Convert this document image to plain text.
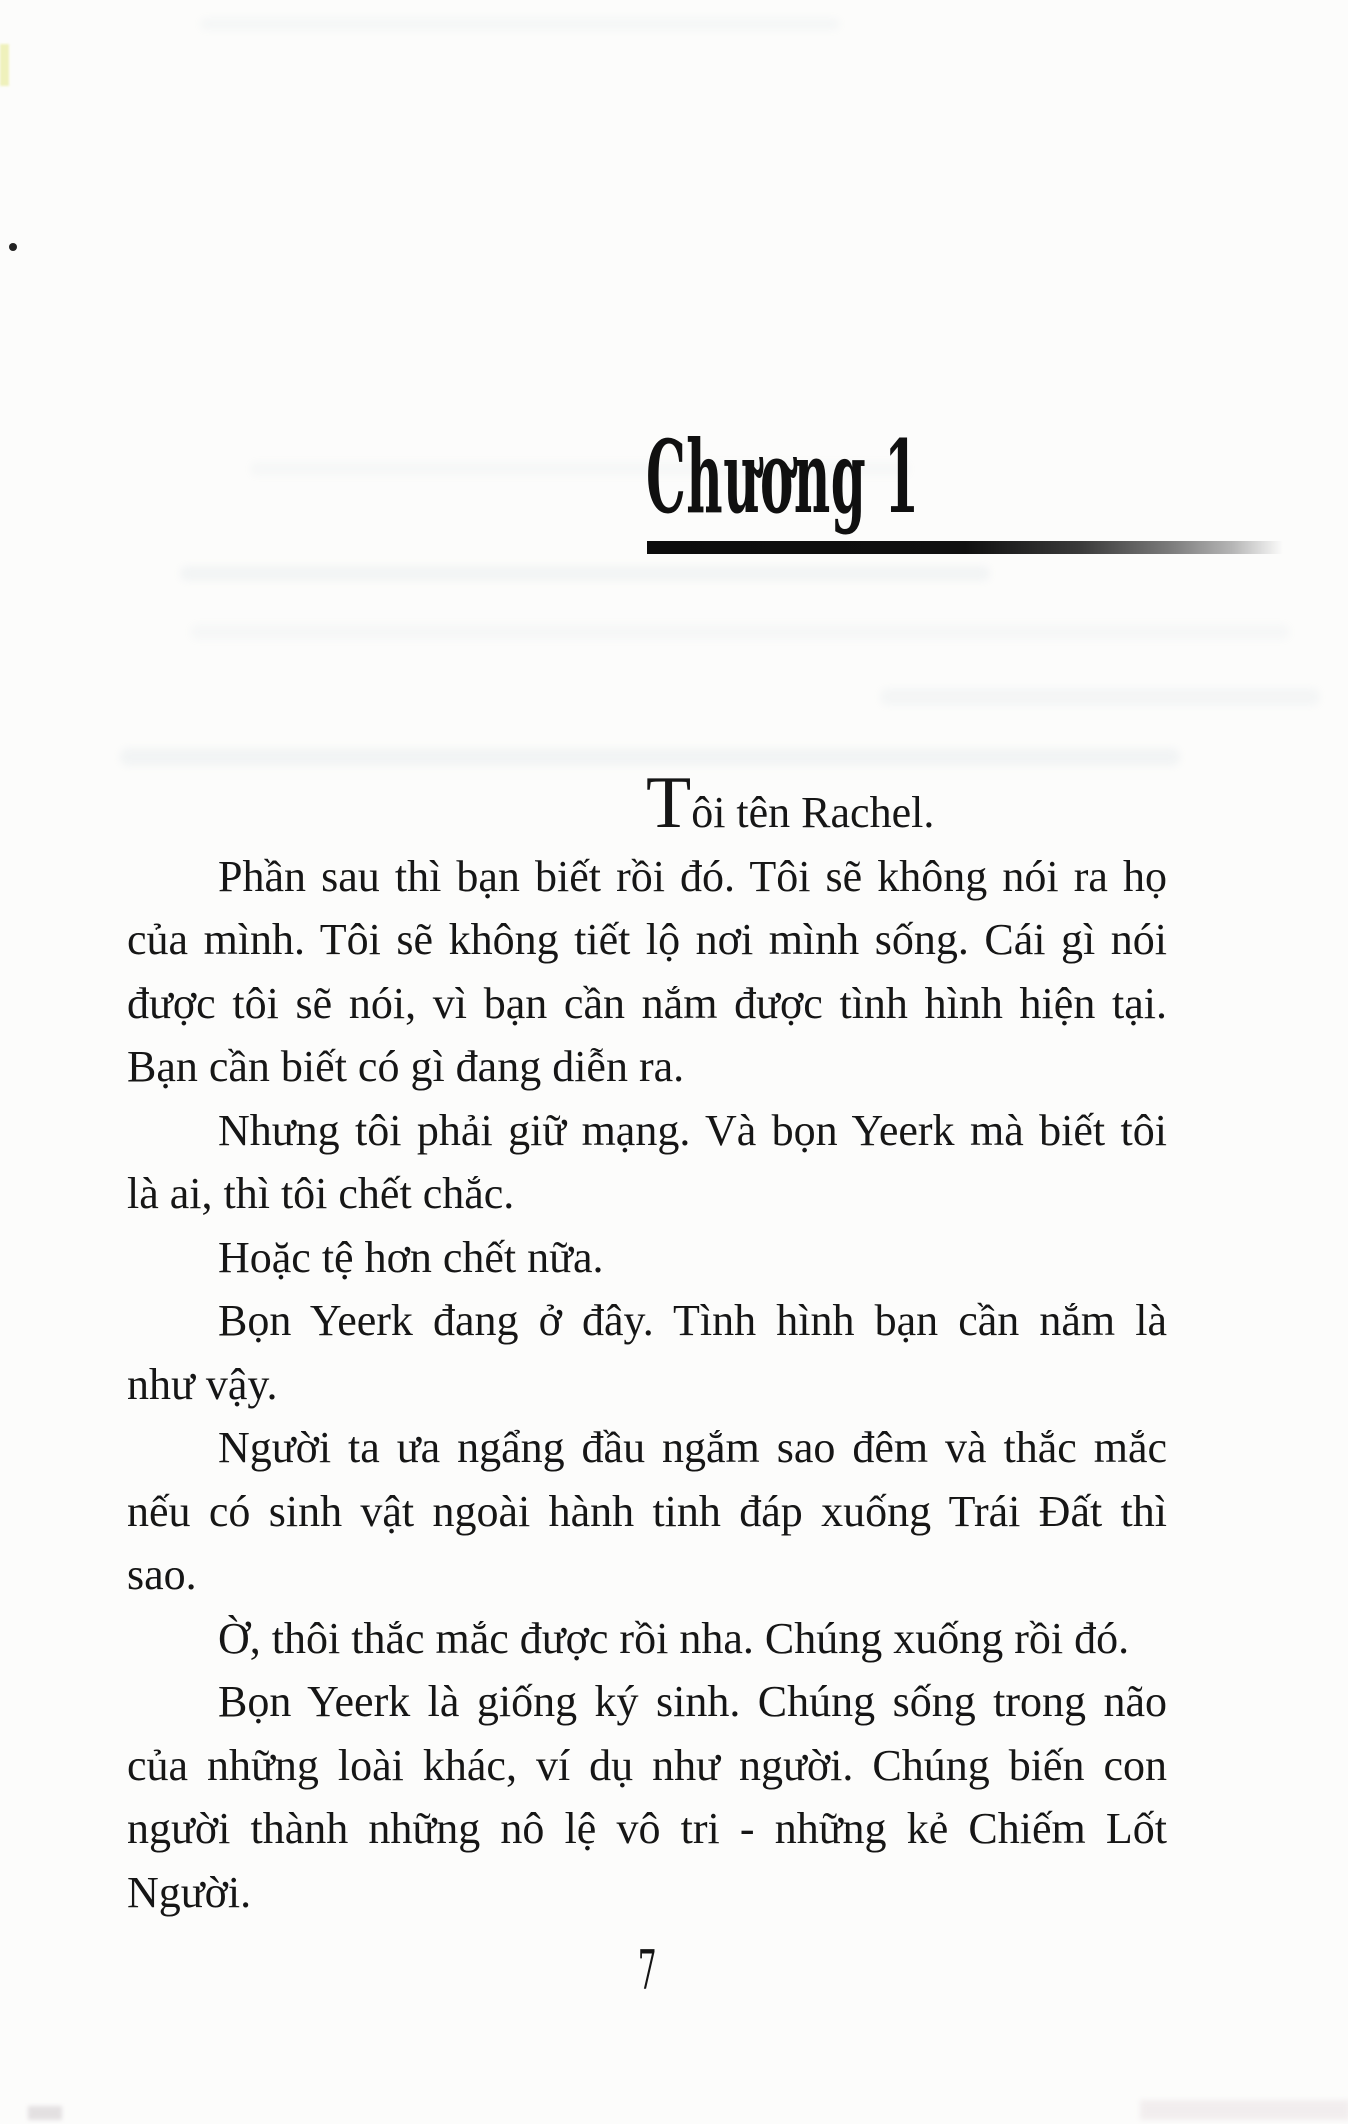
Chương 1
Tôi tên Rachel.
Phần sau thì bạn biết rồi đó. Tôi sẽ không nói ra họ
của mình. Tôi sẽ không tiết lộ nơi mình sống. Cái gì nói
được tôi sẽ nói, vì bạn cần nắm được tình hình hiện tại.
Bạn cần biết có gì đang diễn ra.
Nhưng tôi phải giữ mạng. Và bọn Yeerk mà biết tôi
là ai, thì tôi chết chắc.
Hoặc tệ hơn chết nữa.
Bọn Yeerk đang ở đây. Tình hình bạn cần nắm là
như vậy.
Người ta ưa ngẩng đầu ngắm sao đêm và thắc mắc
nếu có sinh vật ngoài hành tinh đáp xuống Trái Đất thì
sao.
Ờ, thôi thắc mắc được rồi nha. Chúng xuống rồi đó.
Bọn Yeerk là giống ký sinh. Chúng sống trong não
của những loài khác, ví dụ như người. Chúng biến con
người thành những nô lệ vô tri - những kẻ Chiếm Lốt
Người.
7
